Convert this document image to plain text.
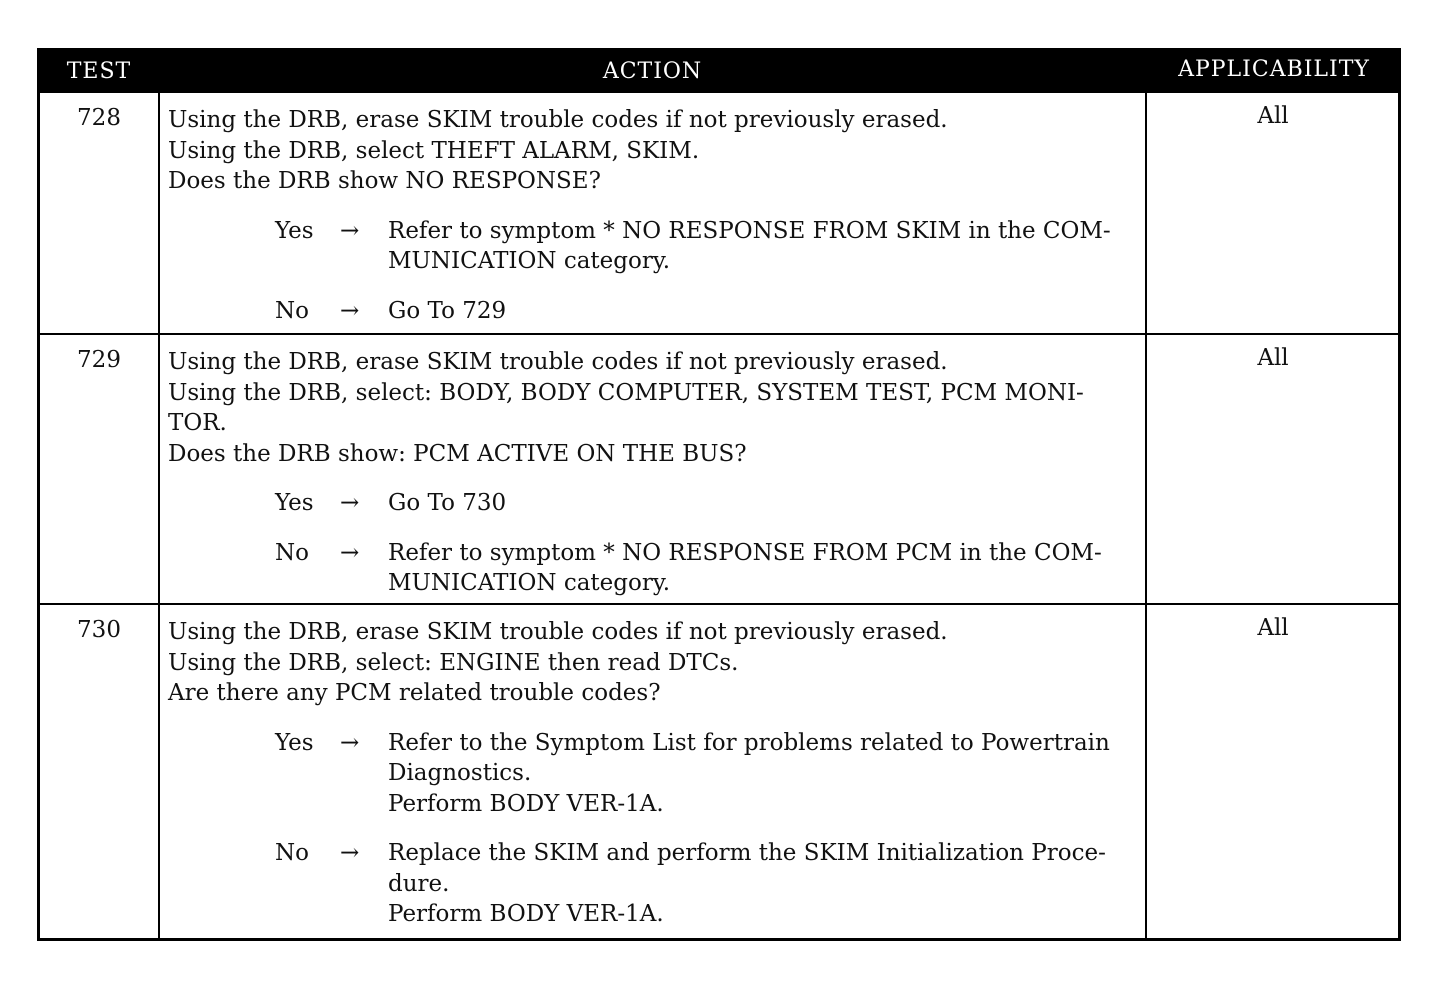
TEST	ACTION	APPLICABILITY
728	Using the DRB, erase SKIM trouble codes if not previously erased.

Using the DRB, select THEFT ALARM, SKIM.

Does the DRB show NO RESPONSE?

Yes → Refer to symptom * NO RESPONSE FROM SKIM in the COM-
MUNICATION category.
No → Go To 729
All
729	Using the DRB, erase SKIM trouble codes if not previously erased.

Using the DRB, select: BODY, BODY COMPUTER, SYSTEM TEST, PCM MONI-

TOR.

Does the DRB show: PCM ACTIVE ON THE BUS?

Yes → Go To 730
No → Refer to symptom * NO RESPONSE FROM PCM in the COM-
MUNICATION category.
All
730	Using the DRB, erase SKIM trouble codes if not previously erased.

Using the DRB, select: ENGINE then read DTCs.

Are there any PCM related trouble codes?

Yes → Refer to the Symptom List for problems related to Powertrain
Diagnostics.
Perform BODY VER-1A.
No → Replace the SKIM and perform the SKIM Initialization Proce-
dure.
Perform BODY VER-1A.
All
